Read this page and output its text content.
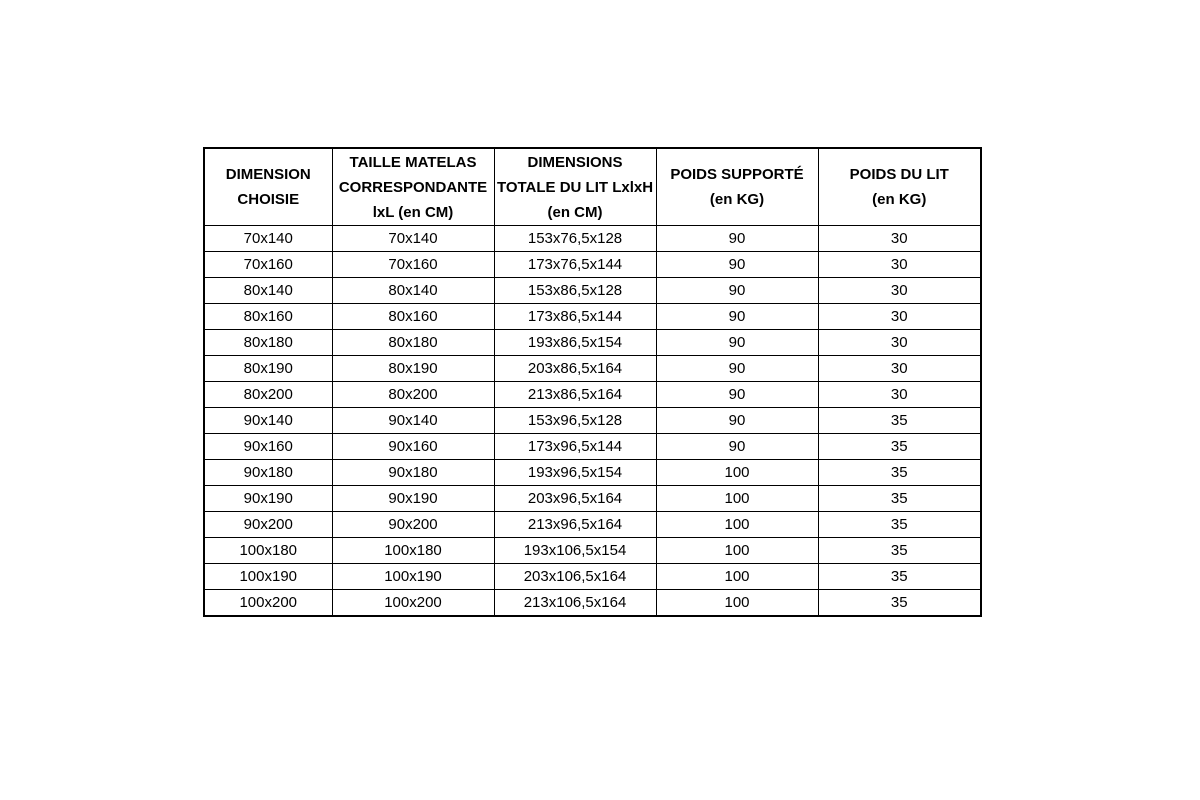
DIMENSION
CHOISIE	TAILLE MATELAS
CORRESPONDANTE
lxL (en CM)	DIMENSIONS
TOTALE DU LIT LxlxH
(en CM)	POIDS SUPPORTÉ
(en KG)	POIDS DU LIT
(en KG)
70x140	70x140	153x76,5x128	90	30
70x160	70x160	173x76,5x144	90	30
80x140	80x140	153x86,5x128	90	30
80x160	80x160	173x86,5x144	90	30
80x180	80x180	193x86,5x154	90	30
80x190	80x190	203x86,5x164	90	30
80x200	80x200	213x86,5x164	90	30
90x140	90x140	153x96,5x128	90	35
90x160	90x160	173x96,5x144	90	35
90x180	90x180	193x96,5x154	100	35
90x190	90x190	203x96,5x164	100	35
90x200	90x200	213x96,5x164	100	35
100x180	100x180	193x106,5x154	100	35
100x190	100x190	203x106,5x164	100	35
100x200	100x200	213x106,5x164	100	35
